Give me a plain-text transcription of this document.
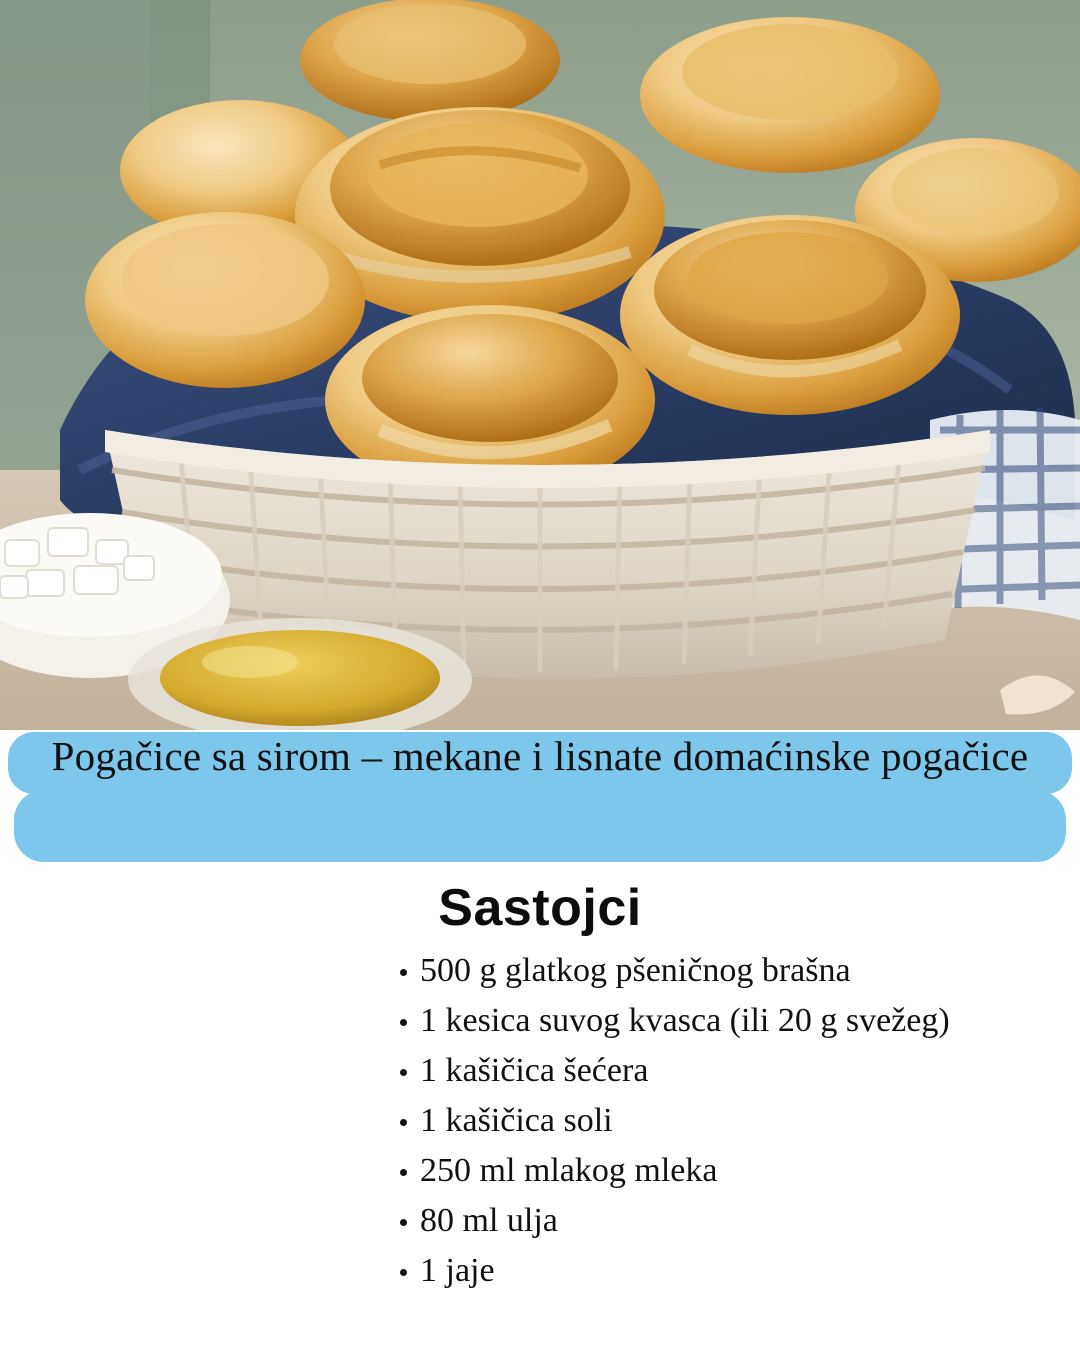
Pogačice sa sirom – mekane i lisnate domaćinske pogačice
Sastojci
500 g glatkog pšeničnog brašna
1 kesica suvog kvasca (ili 20 g svežeg)
1 kašičica šećera
1 kašičica soli
250 ml mlakog mleka
80 ml ulja
1 jaje
